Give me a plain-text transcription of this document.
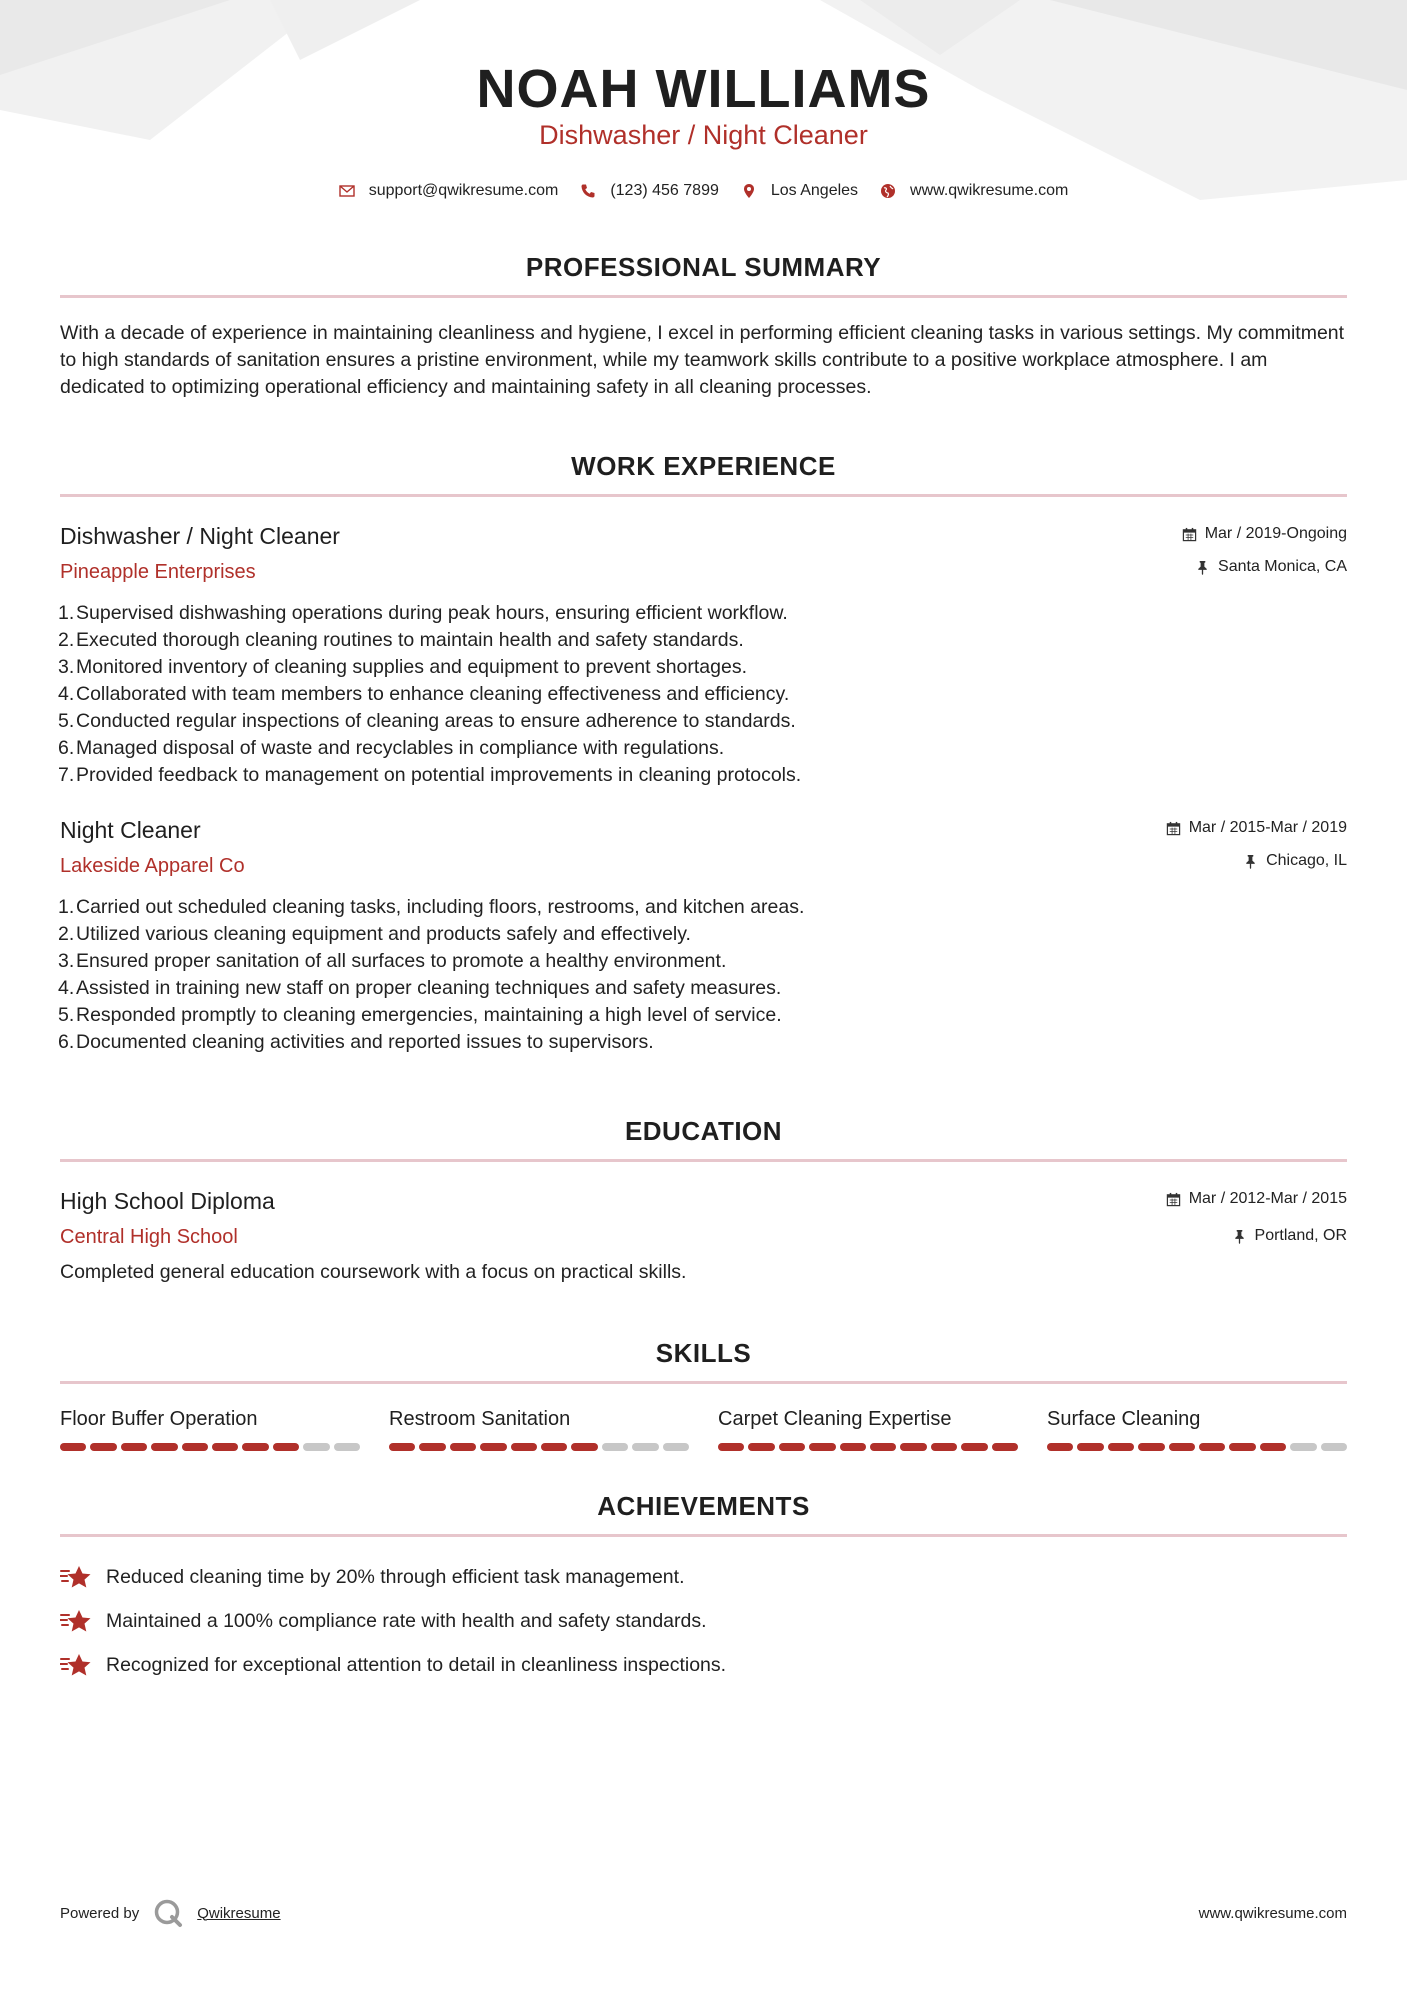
NOAH WILLIAMS
Dishwasher / Night Cleaner
support@qwikresume.com	(123) 456 7899	Los Angeles	www.qwikresume.com
PROFESSIONAL SUMMARY

With a decade of experience in maintaining cleanliness and hygiene, I excel in performing efficient cleaning tasks in various settings. My commitment to high standards of sanitation ensures a pristine environment, while my teamwork skills contribute to a positive workplace atmosphere. I am dedicated to optimizing operational efficiency and maintaining safety in all cleaning processes.

WORK EXPERIENCE
Dishwasher / Night Cleaner
Pineapple Enterprises
Mar / 2019-Ongoing
Santa Monica, CA
1. Supervised dishwashing operations during peak hours, ensuring efficient workflow.
2. Executed thorough cleaning routines to maintain health and safety standards.
3. Monitored inventory of cleaning supplies and equipment to prevent shortages.
4. Collaborated with team members to enhance cleaning effectiveness and efficiency.
5. Conducted regular inspections of cleaning areas to ensure adherence to standards.
6. Managed disposal of waste and recyclables in compliance with regulations.
7. Provided feedback to management on potential improvements in cleaning protocols.
Night Cleaner
Lakeside Apparel Co
Mar / 2015-Mar / 2019
Chicago, IL
1. Carried out scheduled cleaning tasks, including floors, restrooms, and kitchen areas.
2. Utilized various cleaning equipment and products safely and effectively.
3. Ensured proper sanitation of all surfaces to promote a healthy environment.
4. Assisted in training new staff on proper cleaning techniques and safety measures.
5. Responded promptly to cleaning emergencies, maintaining a high level of service.
6. Documented cleaning activities and reported issues to supervisors.
EDUCATION
High School Diploma
Central High School
Mar / 2012-Mar / 2015
Portland, OR
Completed general education coursework with a focus on practical skills.
SKILLS
Floor Buffer Operation	Restroom Sanitation	Carpet Cleaning Expertise	Surface Cleaning
ACHIEVEMENTS
Reduced cleaning time by 20% through efficient task management.
Maintained a 100% compliance rate with health and safety standards.
Recognized for exceptional attention to detail in cleanliness inspections.
Powered by	Qwikresume	www.qwikresume.com
